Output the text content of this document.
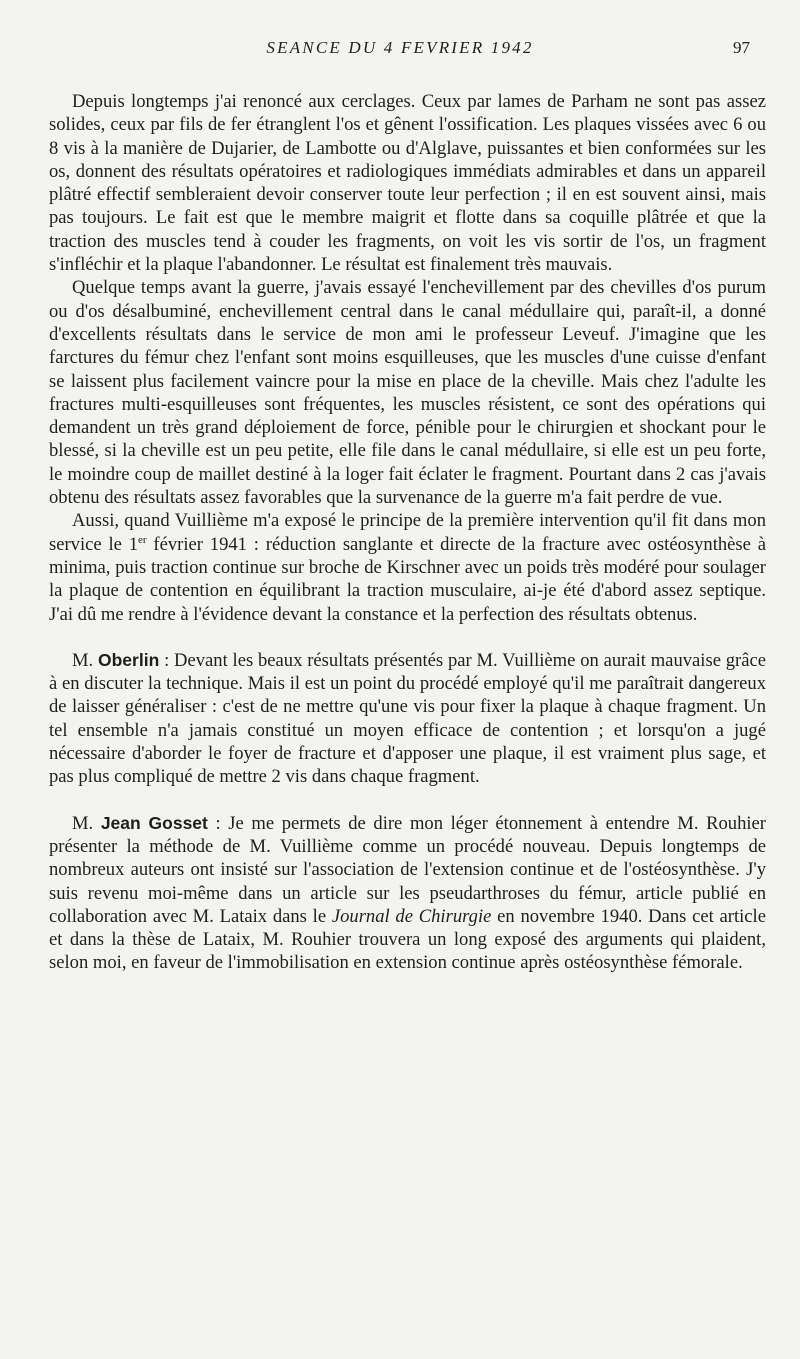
SEANCE DU 4 FEVRIER 1942	97

Depuis longtemps j'ai renoncé aux cerclages. Ceux par lames de Parham ne sont pas assez solides, ceux par fils de fer étranglent l'os et gênent l'ossification. Les plaques vissées avec 6 ou 8 vis à la manière de Dujarier, de Lambotte ou d'Alglave, puissantes et bien conformées sur les os, donnent des résultats opératoires et radiologiques immédiats admirables et dans un appareil plâtré effectif sembleraient devoir conserver toute leur perfection ; il en est souvent ainsi, mais pas toujours. Le fait est que le membre maigrit et flotte dans sa coquille plâtrée et que la traction des muscles tend à couder les fragments, on voit les vis sortir de l'os, un fragment s'infléchir et la plaque l'abandonner. Le résultat est finalement très mauvais.

Quelque temps avant la guerre, j'avais essayé l'enchevillement par des chevilles d'os purum ou d'os désalbuminé, enchevillement central dans le canal médullaire qui, paraît-il, a donné d'excellents résultats dans le service de mon ami le professeur Leveuf. J'imagine que les farctures du fémur chez l'enfant sont moins esquilleuses, que les muscles d'une cuisse d'enfant se laissent plus facilement vaincre pour la mise en place de la cheville. Mais chez l'adulte les fractures multi-esquilleuses sont fréquentes, les muscles résistent, ce sont des opérations qui demandent un très grand déploiement de force, pénible pour le chirurgien et shockant pour le blessé, si la cheville est un peu petite, elle file dans le canal médullaire, si elle est un peu forte, le moindre coup de maillet destiné à la loger fait éclater le fragment. Pourtant dans 2 cas j'avais obtenu des résultats assez favorables que la survenance de la guerre m'a fait perdre de vue.

Aussi, quand Vuillième m'a exposé le principe de la première intervention qu'il fit dans mon service le 1er février 1941 : réduction sanglante et directe de la fracture avec ostéosynthèse à minima, puis traction continue sur broche de Kirschner avec un poids très modéré pour soulager la plaque de contention en équilibrant la traction musculaire, ai-je été d'abord assez septique. J'ai dû me rendre à l'évidence devant la constance et la perfection des résultats obtenus.

M. Oberlin : Devant les beaux résultats présentés par M. Vuillième on aurait mauvaise grâce à en discuter la technique. Mais il est un point du procédé employé qu'il me paraîtrait dangereux de laisser généraliser : c'est de ne mettre qu'une vis pour fixer la plaque à chaque fragment. Un tel ensemble n'a jamais constitué un moyen efficace de contention ; et lorsqu'on a jugé nécessaire d'aborder le foyer de fracture et d'apposer une plaque, il est vraiment plus sage, et pas plus compliqué de mettre 2 vis dans chaque fragment.

M. Jean Gosset : Je me permets de dire mon léger étonnement à entendre M. Rouhier présenter la méthode de M. Vuillième comme un procédé nouveau. Depuis longtemps de nombreux auteurs ont insisté sur l'association de l'extension continue et de l'ostéosynthèse. J'y suis revenu moi-même dans un article sur les pseudarthroses du fémur, article publié en collaboration avec M. Lataix dans le Journal de Chirurgie en novembre 1940. Dans cet article et dans la thèse de Lataix, M. Rouhier trouvera un long exposé des arguments qui plaident, selon moi, en faveur de l'immobilisation en extension continue après ostéosynthèse fémorale.
